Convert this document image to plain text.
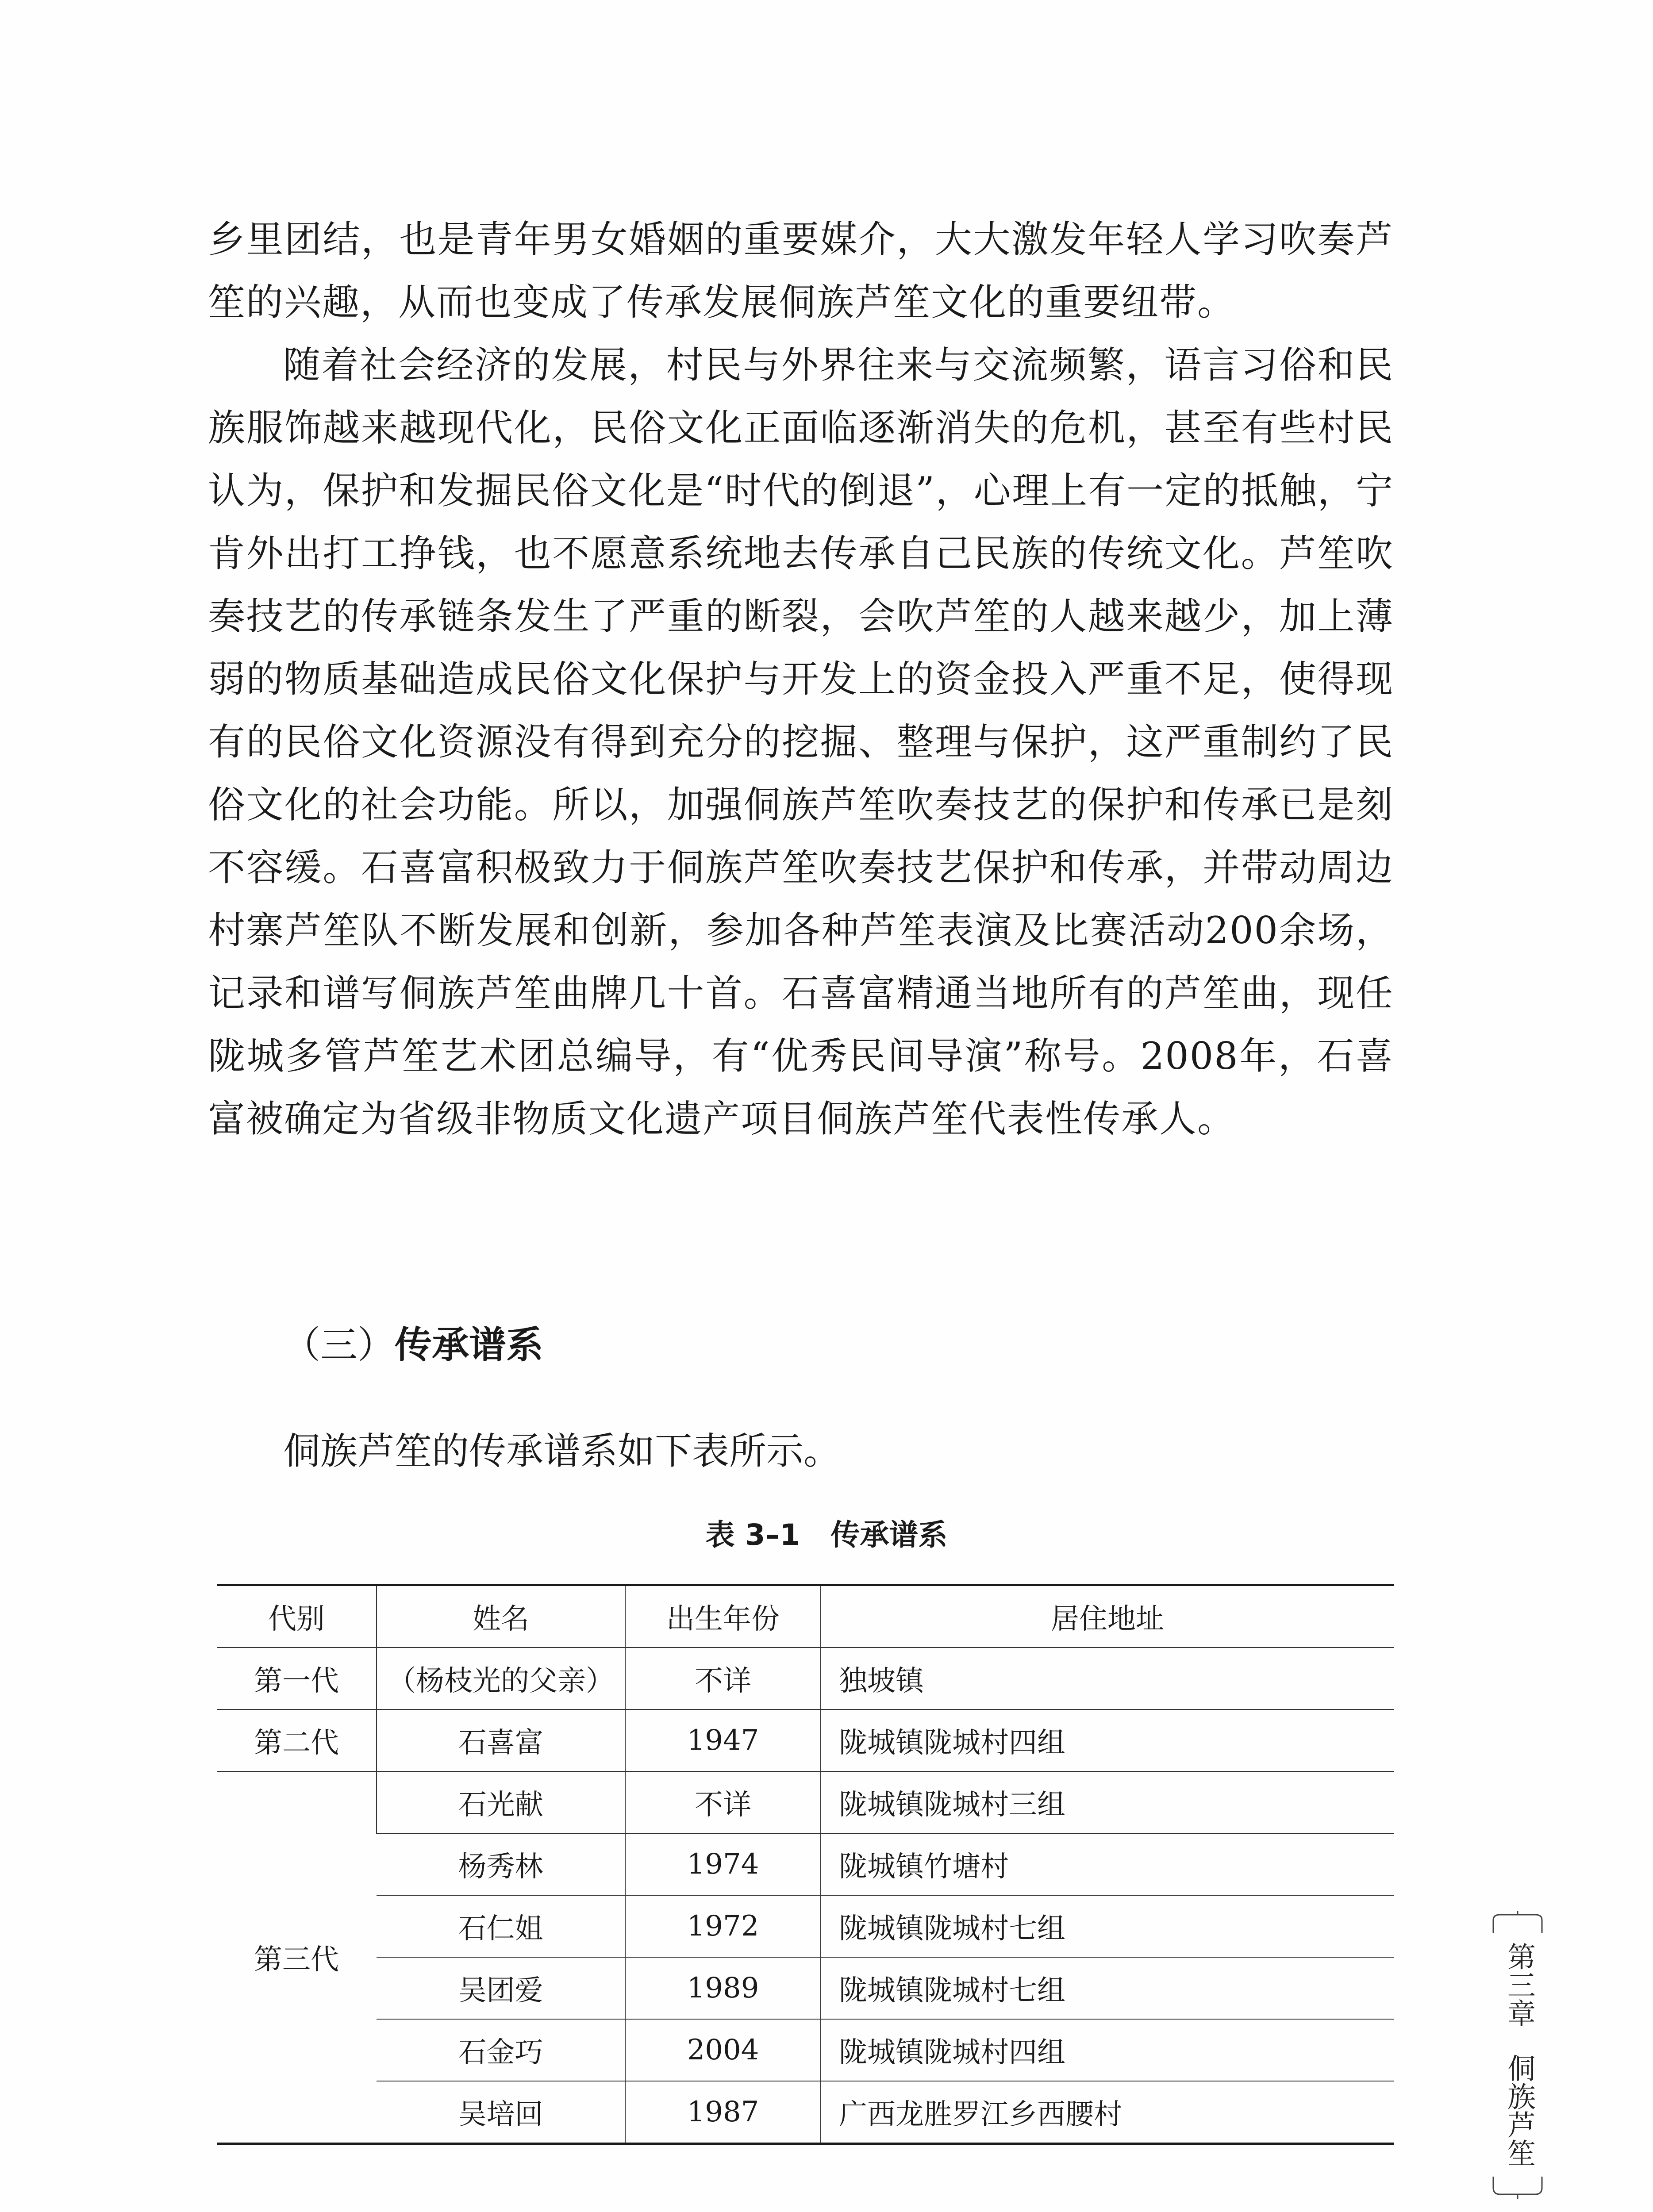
乡里团结，也是青年男女婚姻的重要媒介，大大激发年轻人学习吹奏芦笙的兴趣，从而也变成了传承发展侗族芦笙文化的重要纽带。

随着社会经济的发展，村民与外界往来与交流频繁，语言习俗和民族服饰越来越现代化，民俗文化正面临逐渐消失的危机，甚至有些村民认为，保护和发掘民俗文化是“时代的倒退”，心理上有一定的抵触，宁肯外出打工挣钱，也不愿意系统地去传承自己民族的传统文化。芦笙吹奏技艺的传承链条发生了严重的断裂，会吹芦笙的人越来越少，加上薄弱的物质基础造成民俗文化保护与开发上的资金投入严重不足，使得现有的民俗文化资源没有得到充分的挖掘、整理与保护，这严重制约了民俗文化的社会功能。所以，加强侗族芦笙吹奏技艺的保护和传承已是刻不容缓。石喜富积极致力于侗族芦笙吹奏技艺保护和传承，并带动周边村寨芦笙队不断发展和创新，参加各种芦笙表演及比赛活动200余场，记录和谱写侗族芦笙曲牌几十首。石喜富精通当地所有的芦笙曲，现任陇城多管芦笙艺术团总编导，有“优秀民间导演”称号。2008年，石喜富被确定为省级非物质文化遗产项目侗族芦笙代表性传承人。

（三）传承谱系
侗族芦笙的传承谱系如下表所示。
表 3–1 传承谱系
代别	姓名	出生年份	居住地址
第一代	（杨枝光的父亲）	不详	独坡镇
第二代	石喜富	1947	陇城镇陇城村四组
第三代	石光献	不详	陇城镇陇城村三组
	杨秀林	1974	陇城镇竹塘村
	石仁姐	1972	陇城镇陇城村七组
	吴团爱	1989	陇城镇陇城村七组
	石金巧	2004	陇城镇陇城村四组
	吴培回	1987	广西龙胜罗江乡西腰村
第三章侗族芦笙
